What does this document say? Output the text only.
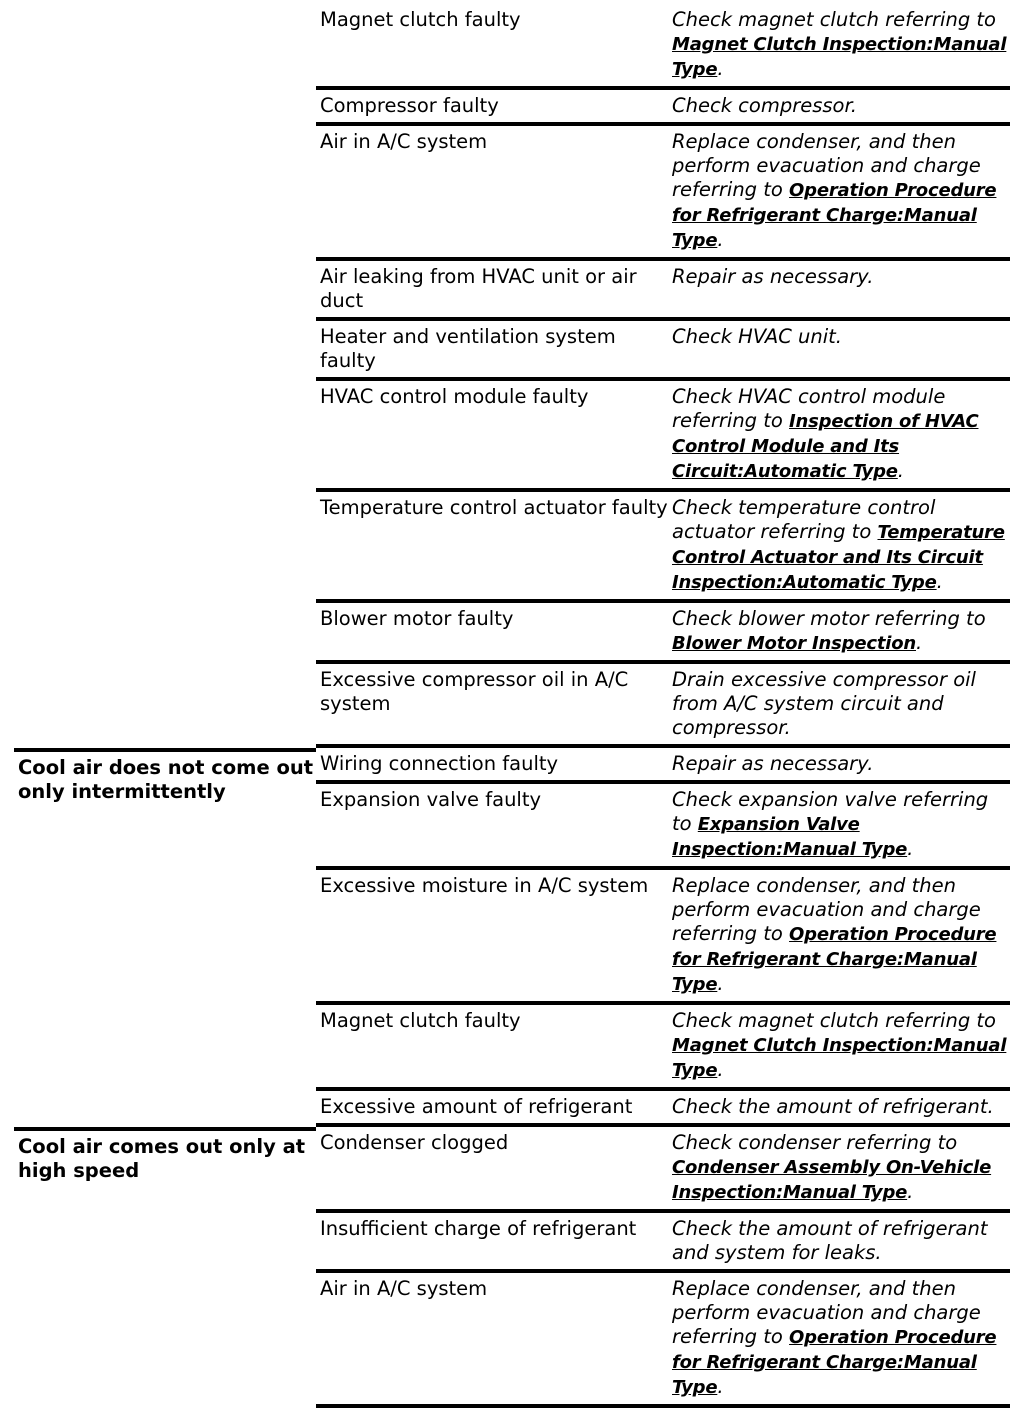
	Magnet clutch faulty	Check magnet clutch referring to
Magnet Clutch Inspection:Manual
Type.

	Compressor faulty	Check compressor.

	Air in A/C system	Replace condenser, and then
perform evacuation and charge
referring to Operation Procedure
for Refrigerant Charge:Manual
Type.

	Air leaking from HVAC unit or air duct	Repair as necessary.

	Heater and ventilation system faulty	Check HVAC unit.

	HVAC control module faulty	Check HVAC control module
referring to Inspection of HVAC
Control Module and Its
Circuit:Automatic Type.

	Temperature control actuator faulty	Check temperature control
actuator referring to Temperature
Control Actuator and Its Circuit
Inspection:Automatic Type.

	Blower motor faulty	Check blower motor referring to
Blower Motor Inspection.

	Excessive compressor oil in A/C system	Drain excessive compressor oil
from A/C system circuit and
compressor.

Cool air does not come out only intermittently	Wiring connection faulty	Repair as necessary.

	Expansion valve faulty	Check expansion valve referring
to Expansion Valve
Inspection:Manual Type.

	Excessive moisture in A/C system	Replace condenser, and then
perform evacuation and charge
referring to Operation Procedure
for Refrigerant Charge:Manual
Type.

	Magnet clutch faulty	Check magnet clutch referring to
Magnet Clutch Inspection:Manual
Type.

	Excessive amount of refrigerant	Check the amount of refrigerant.

Cool air comes out only at high speed	Condenser clogged	Check condenser referring to
Condenser Assembly On-Vehicle
Inspection:Manual Type.

	Insufficient charge of refrigerant	Check the amount of refrigerant
and system for leaks.

	Air in A/C system	Replace condenser, and then
perform evacuation and charge
referring to Operation Procedure
for Refrigerant Charge:Manual
Type.
